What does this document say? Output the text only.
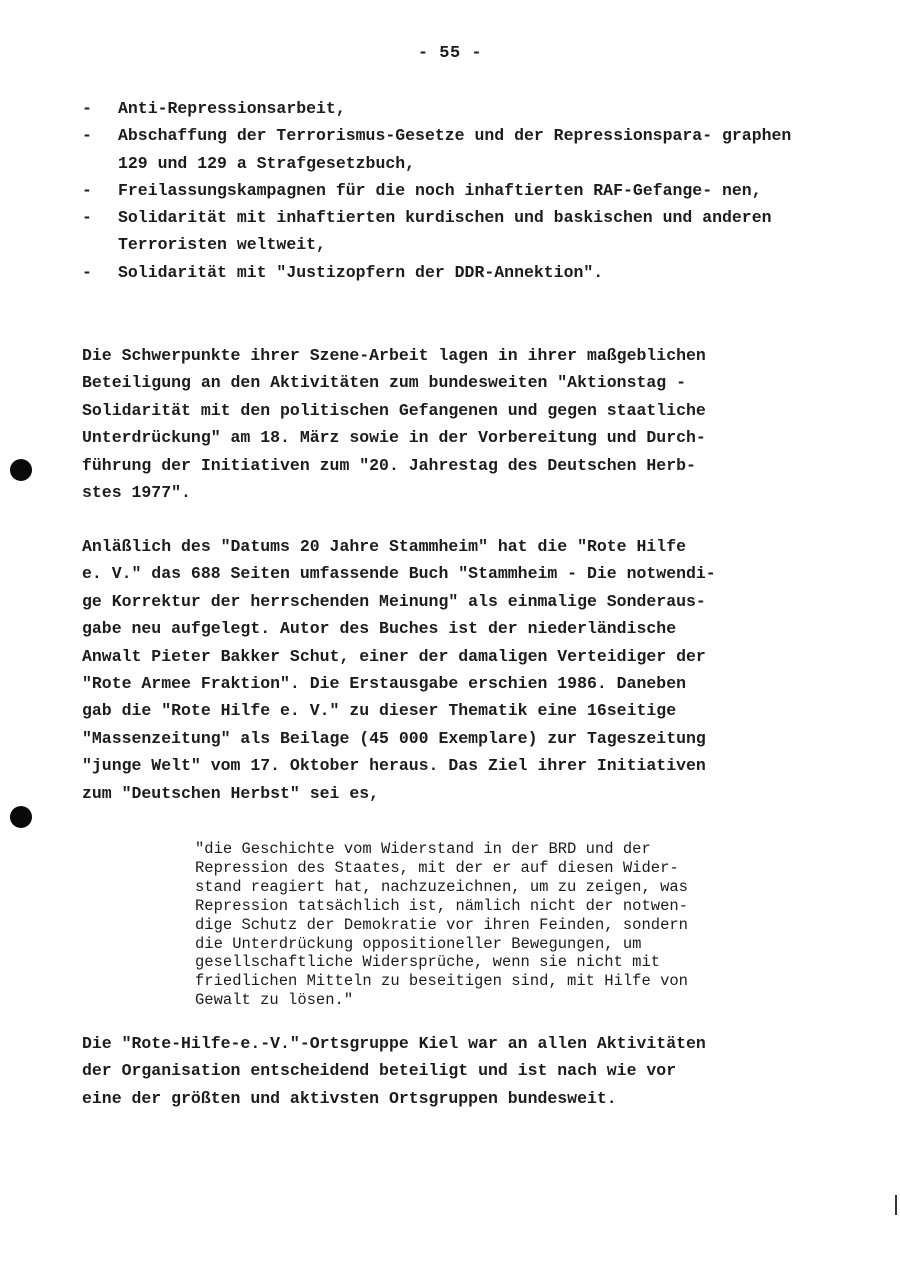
- 55 -
- Anti-Repressionsarbeit,
- Abschaffung der Terrorismus-Gesetze und der Repressionspara- graphen 129 und 129 a Strafgesetzbuch,
- Freilassungskampagnen für die noch inhaftierten RAF-Gefange- nen,
- Solidarität mit inhaftierten kurdischen und baskischen und anderen Terroristen weltweit,
- Solidarität mit "Justizopfern der DDR-Annektion".

Die Schwerpunkte ihrer Szene-Arbeit lagen in ihrer maßgeblichen
Beteiligung an den Aktivitäten zum bundesweiten "Aktionstag -
Solidarität mit den politischen Gefangenen und gegen staatliche
Unterdrückung" am 18. März sowie in der Vorbereitung und Durch-
führung der Initiativen zum "20. Jahrestag des Deutschen Herb-
stes 1977".

Anläßlich des "Datums 20 Jahre Stammheim" hat die "Rote Hilfe
e. V." das 688 Seiten umfassende Buch "Stammheim - Die notwendi-
ge Korrektur der herrschenden Meinung" als einmalige Sonderaus-
gabe neu aufgelegt. Autor des Buches ist der niederländische
Anwalt Pieter Bakker Schut, einer der damaligen Verteidiger der
"Rote Armee Fraktion". Die Erstausgabe erschien 1986. Daneben
gab die "Rote Hilfe e. V." zu dieser Thematik eine 16seitige
"Massenzeitung" als Beilage (45 000 Exemplare) zur Tageszeitung
"junge Welt" vom 17. Oktober heraus. Das Ziel ihrer Initiativen
zum "Deutschen Herbst" sei es,

"die Geschichte vom Widerstand in der BRD und der
Repression des Staates, mit der er auf diesen Wider-
stand reagiert hat, nachzuzeichnen, um zu zeigen, was
Repression tatsächlich ist, nämlich nicht der notwen-
dige Schutz der Demokratie vor ihren Feinden, sondern
die Unterdrückung oppositioneller Bewegungen, um
gesellschaftliche Widersprüche, wenn sie nicht mit
friedlichen Mitteln zu beseitigen sind, mit Hilfe von
Gewalt zu lösen."

Die "Rote-Hilfe-e.-V."-Ortsgruppe Kiel war an allen Aktivitäten
der Organisation entscheidend beteiligt und ist nach wie vor
eine der größten und aktivsten Ortsgruppen bundesweit.
